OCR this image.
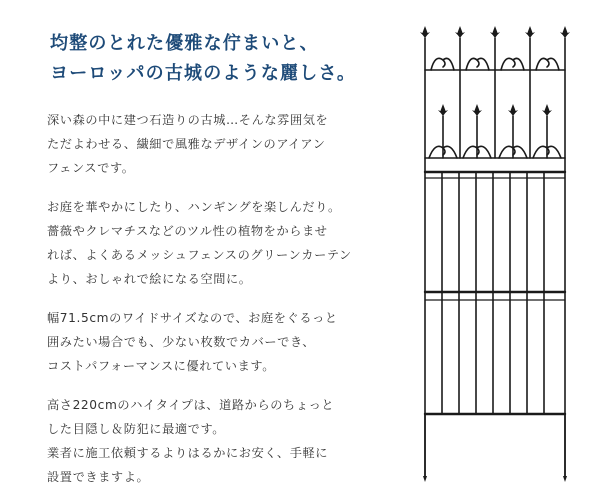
均整のとれた優雅な佇まいと、
ヨーロッパの古城のような麗しさ。
深い森の中に建つ石造りの古城…そんな雰囲気を
ただよわせる、繊細で風雅なデザインのアイアン
フェンスです。
お庭を華やかにしたり、ハンギングを楽しんだり。
薔薇やクレマチスなどのツル性の植物をからませ
れば、よくあるメッシュフェンスのグリーンカーテン
より、おしゃれで絵になる空間に。
幅71.5cmのワイドサイズなので、お庭をぐるっと
囲みたい場合でも、少ない枚数でカバーでき、
コストパフォーマンスに優れています。
高さ220cmのハイタイプは、道路からのちょっと
した目隠し＆防犯に最適です。
業者に施工依頼するよりはるかにお安く、手軽に
設置できますよ。
